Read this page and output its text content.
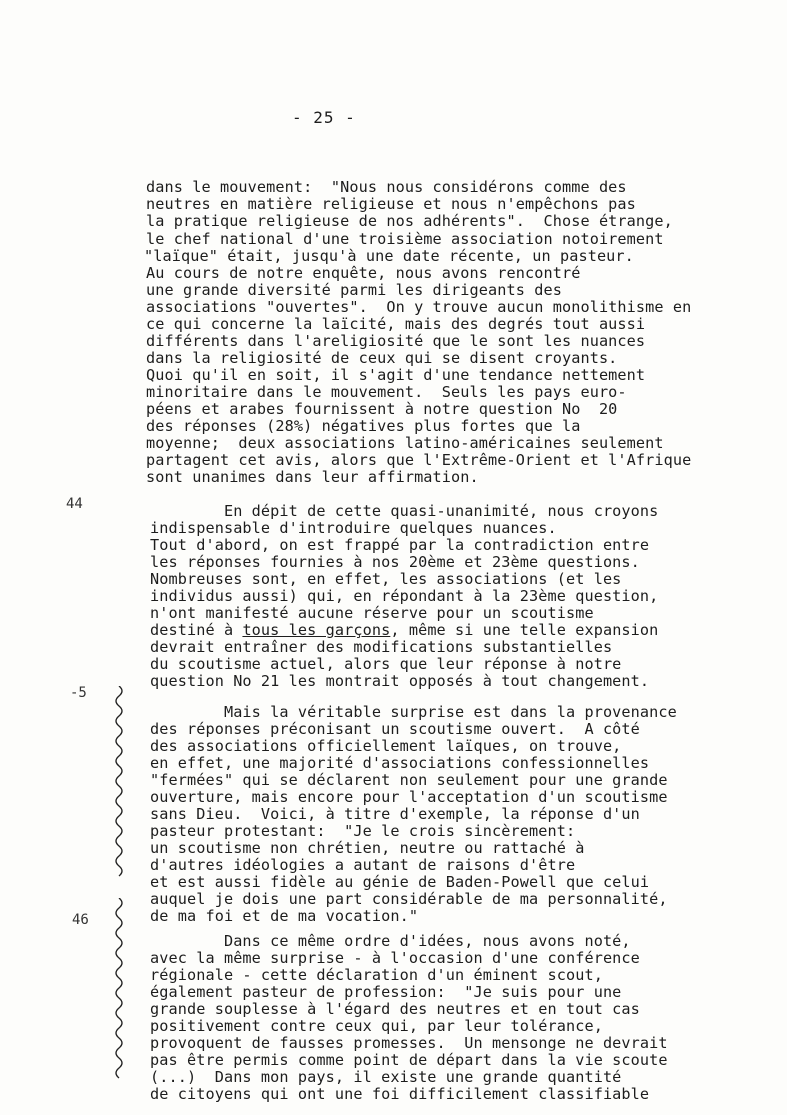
- 25 -
44
-5
46
dans le mouvement:  "Nous nous considérons comme des
neutres en matière religieuse et nous n'empêchons pas
la pratique religieuse de nos adhérents".  Chose étrange,
le chef national d'une troisième association notoirement
"laïque" était, jusqu'à une date récente, un pasteur.
Au cours de notre enquête, nous avons rencontré
une grande diversité parmi les dirigeants des
associations "ouvertes".  On y trouve aucun monolithisme en
ce qui concerne la laïcité, mais des degrés tout aussi
différents dans l'areligiosité que le sont les nuances
dans la religiosité de ceux qui se disent croyants.
Quoi qu'il en soit, il s'agit d'une tendance nettement
minoritaire dans le mouvement.  Seuls les pays euro-
péens et arabes fournissent à notre question No  20
des réponses (28%) négatives plus fortes que la
moyenne;  deux associations latino-américaines seulement
partagent cet avis, alors que l'Extrême-Orient et l'Afrique
sont unanimes dans leur affirmation.
En dépit de cette quasi-unanimité, nous croyons
indispensable d'introduire quelques nuances.
Tout d'abord, on est frappé par la contradiction entre
les réponses fournies à nos 20ème et 23ème questions.
Nombreuses sont, en effet, les associations (et les
individus aussi) qui, en répondant à la 23ème question,
n'ont manifesté aucune réserve pour un scoutisme
destiné à tous les garçons, même si une telle expansion
devrait entraîner des modifications substantielles
du scoutisme actuel, alors que leur réponse à notre
question No 21 les montrait opposés à tout changement.
Mais la véritable surprise est dans la provenance
des réponses préconisant un scoutisme ouvert.  A côté
des associations officiellement laïques, on trouve,
en effet, une majorité d'associations confessionnelles
"fermées" qui se déclarent non seulement pour une grande
ouverture, mais encore pour l'acceptation d'un scoutisme
sans Dieu.  Voici, à titre d'exemple, la réponse d'un
pasteur protestant:  "Je le crois sincèrement:
un scoutisme non chrétien, neutre ou rattaché à
d'autres idéologies a autant de raisons d'être
et est aussi fidèle au génie de Baden-Powell que celui
auquel je dois une part considérable de ma personnalité,
de ma foi et de ma vocation."
Dans ce même ordre d'idées, nous avons noté,
avec la même surprise - à l'occasion d'une conférence
régionale - cette déclaration d'un éminent scout,
également pasteur de profession:  "Je suis pour une
grande souplesse à l'égard des neutres et en tout cas
positivement contre ceux qui, par leur tolérance,
provoquent de fausses promesses.  Un mensonge ne devrait
pas être permis comme point de départ dans la vie scoute
(...)  Dans mon pays, il existe une grande quantité
de citoyens qui ont une foi difficilement classifiable
